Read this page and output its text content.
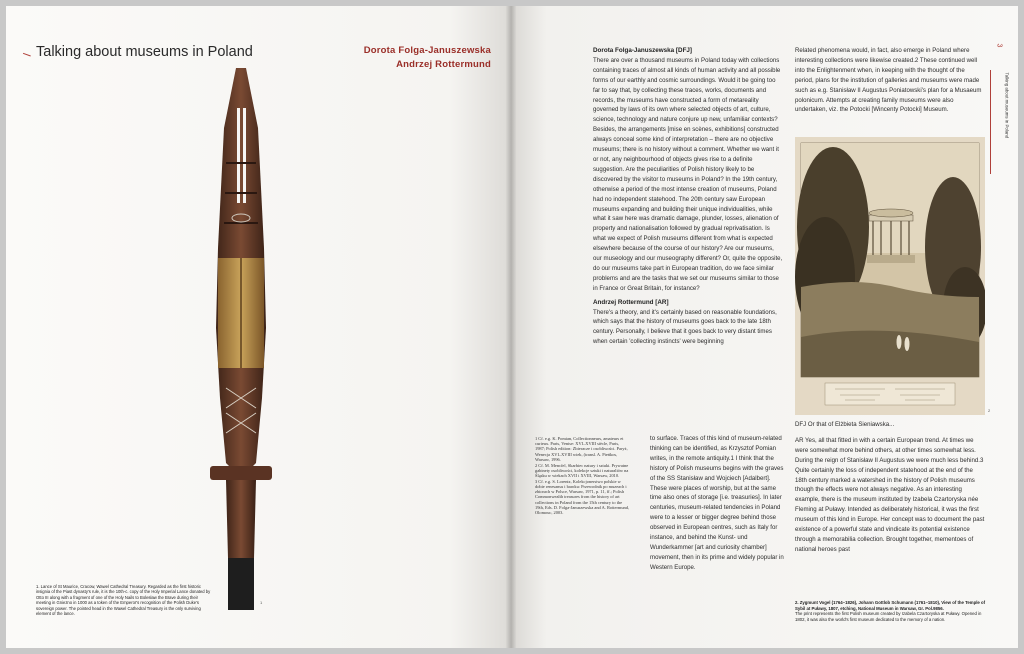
Talking about museums in Poland	Dorota Folga-Januszewska
Andrzej Rottermund
1
1. Lance of St Maurice, Cracow, Wawel Cathedral Treasury. Regarded as the first historic insignia of the Piast dynasty's rule, it is the 10th-c. copy of the Holy Imperial Lance donated by Otto III along with a fragment of one of the Holy Nails to Bolesław the Brave during their meeting in Gniezno in 1000 as a token of the Emperor's recognition of the Polish Duke's sovereign power. The pointed head in the Wawel Cathedral Treasury is the only surviving element of the lance.
Dorota Folga-Januszewska [DFJ]

There are over a thousand museums in Poland today with collections containing traces of almost all kinds of human activity and all possible forms of our earthly and cosmic surroundings. Would it be going too far to say that, by collecting these traces, works, documents and records, the museums have constructed a form of metareality governed by laws of its own where selected objects of art, culture, science, technology and nature conjure up new, unfamiliar contexts? Besides, the arrangements [mise en scènes, exhibitions] constructed always conceal some kind of interpretation – there are no objective museums; there is no history without a comment. Whether we want it or not, any neighbourhood of objects gives rise to a definite suggestion. Are the peculiarities of Polish history likely to be discovered by the visitor to museums in Poland? In the 19th century, otherwise a period of the most intense creation of museums, Poland had no independent statehood. The 20th century saw European museums expanding and building their unique individualities, while what it saw here was dramatic damage, plunder, losses, alienation of property and nationalisation followed by gradual reprivatisation. Is what we expect of Polish museums different from what is expected elsewhere because of the course of our history? Are our museums, our museology and our museography different? Or, quite the opposite, do our museums take part in European tradition, do we face similar problems and are the tasks that we set our museums similar to those in France or Great Britain, for instance?

Andrzej Rottermund [AR]

There's a theory, and it's certainly based on reasonable foundations, which says that the history of museums goes back to the late 18th century. Personally, I believe that it goes back to very distant times when certain 'collecting instincts' were beginning

to surface. Traces of this kind of museum-related thinking can be identified, as Krzysztof Pomian writes, in the remote antiquity.1 I think that the history of Polish museums begins with the graves of the SS Stanisław and Wojciech [Adalbert]. These were places of worship, but at the same time also ones of storage [i.e. treasuries]. In later centuries, museum-related tendencies in Poland were to a lesser or bigger degree behind those observed in European centres, such as Italy for instance, and behind the Kunst- und Wunderkammer [art and curiosity chamber] movement, then in its prime and widely popular in Western Europe.

1 Cf. e.g. K. Pomian, Collectionneurs, amateurs et curieux. Paris, Venise: XVI–XVIII siècle, Paris, 1987; Polish edition: Zbieracze i osobliwości. Paryż, Wenecja XVI–XVIII wiek, (transl. A. Pieńkos, Warsaw, 1996.

2 Cf. M. Mencfel, Skarbiec natury i sztuki. Prywatne gabinety osobliwości, kolekcje sztuki i naturaliów na Śląsku w wiekach XVII i XVIII, Warsaw, 2010.

3 Cf. e.g. S. Lorentz, Kolekcjonerstwo polskie w dobie renesansu i baroku: Przewodnik po muzeach i zbiorach w Polsce, Warsaw, 1971, p. 11, ff.; Polish Commonwealth treasures from the history of art collections in Poland from the 15th century to the 19th, Eds. D. Folga-Januszewska and A. Rottermund, Olomouc, 2003.

Related phenomena would, in fact, also emerge in Poland where interesting collections were likewise created.2 These continued well into the Enlightenment when, in keeping with the thought of the period, plans for the institution of galleries and museums were made such as e.g. Stanisław II Augustus Poniatowski's plan for a Musaeum polonicum. Attempts at creating family museums were also undertaken, viz. the Potocki [Wincenty Potocki] Museum.

2

DFJ Or that of Elżbieta Sieniawska...

AR Yes, all that fitted in with a certain European trend. At times we were somewhat more behind others, at other times somewhat less. During the reign of Stanisław II Augustus we were much less behind.3 Quite certainly the loss of independent statehood at the end of the 18th century marked a watershed in the history of Polish museums though the effects were not always negative. As an interesting example, there is the museum instituted by Izabela Czartoryska née Fleming at Puławy. Intended as deliberately historical, it was the first museum of this kind in Europe. Her concept was to document the past existence of a powerful state and vindicate its potential existence through a memorabilia collection. Brought together, mementoes of national heroes past

3
Talking about museums in Poland
2. Zygmunt Vogel (1764–1826), Johann Gottlob Schumann (1761–1810), View of the Temple of Sybil at Puławy, 1807, etching, National Museum in Warsaw, Gr. Pol.9856.
The print represents the first Polish museum created by Izabela Czartoryska at Puławy. Opened in 1802, it was also the world's first museum dedicated to the memory of a nation.
